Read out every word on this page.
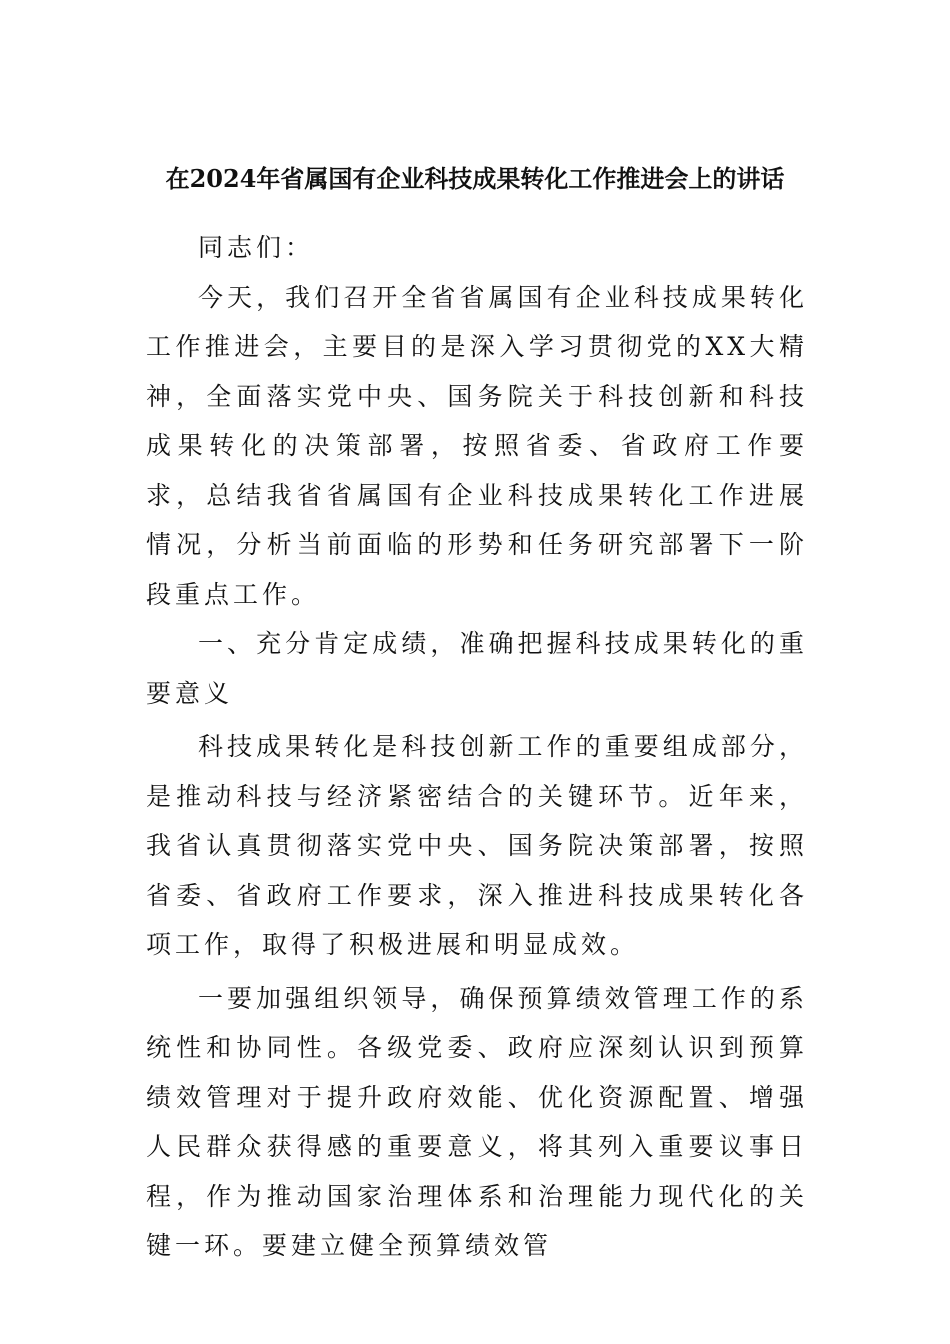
在2024年省属国有企业科技成果转化工作推进会上的讲话

同志们：

今天，我们召开全省省属国有企业科技成果转化工作推进会，主要目的是深入学习贯彻党的XX大精神，全面落实党中央、国务院关于科技创新和科技成果转化的决策部署，按照省委、省政府工作要求，总结我省省属国有企业科技成果转化工作进展情况，分析当前面临的形势和任务研究部署下一阶段重点工作。

一、充分肯定成绩，准确把握科技成果转化的重要意义

科技成果转化是科技创新工作的重要组成部分，是推动科技与经济紧密结合的关键环节。近年来，我省认真贯彻落实党中央、国务院决策部署，按照省委、省政府工作要求，深入推进科技成果转化各项工作，取得了积极进展和明显成效。

一要加强组织领导，确保预算绩效管理工作的系统性和协同性。各级党委、政府应深刻认识到预算绩效管理对于提升政府效能、优化资源配置、增强人民群众获得感的重要意义，将其列入重要议事日程，作为推动国家治理体系和治理能力现代化的关键一环。要建立健全预算绩效管
